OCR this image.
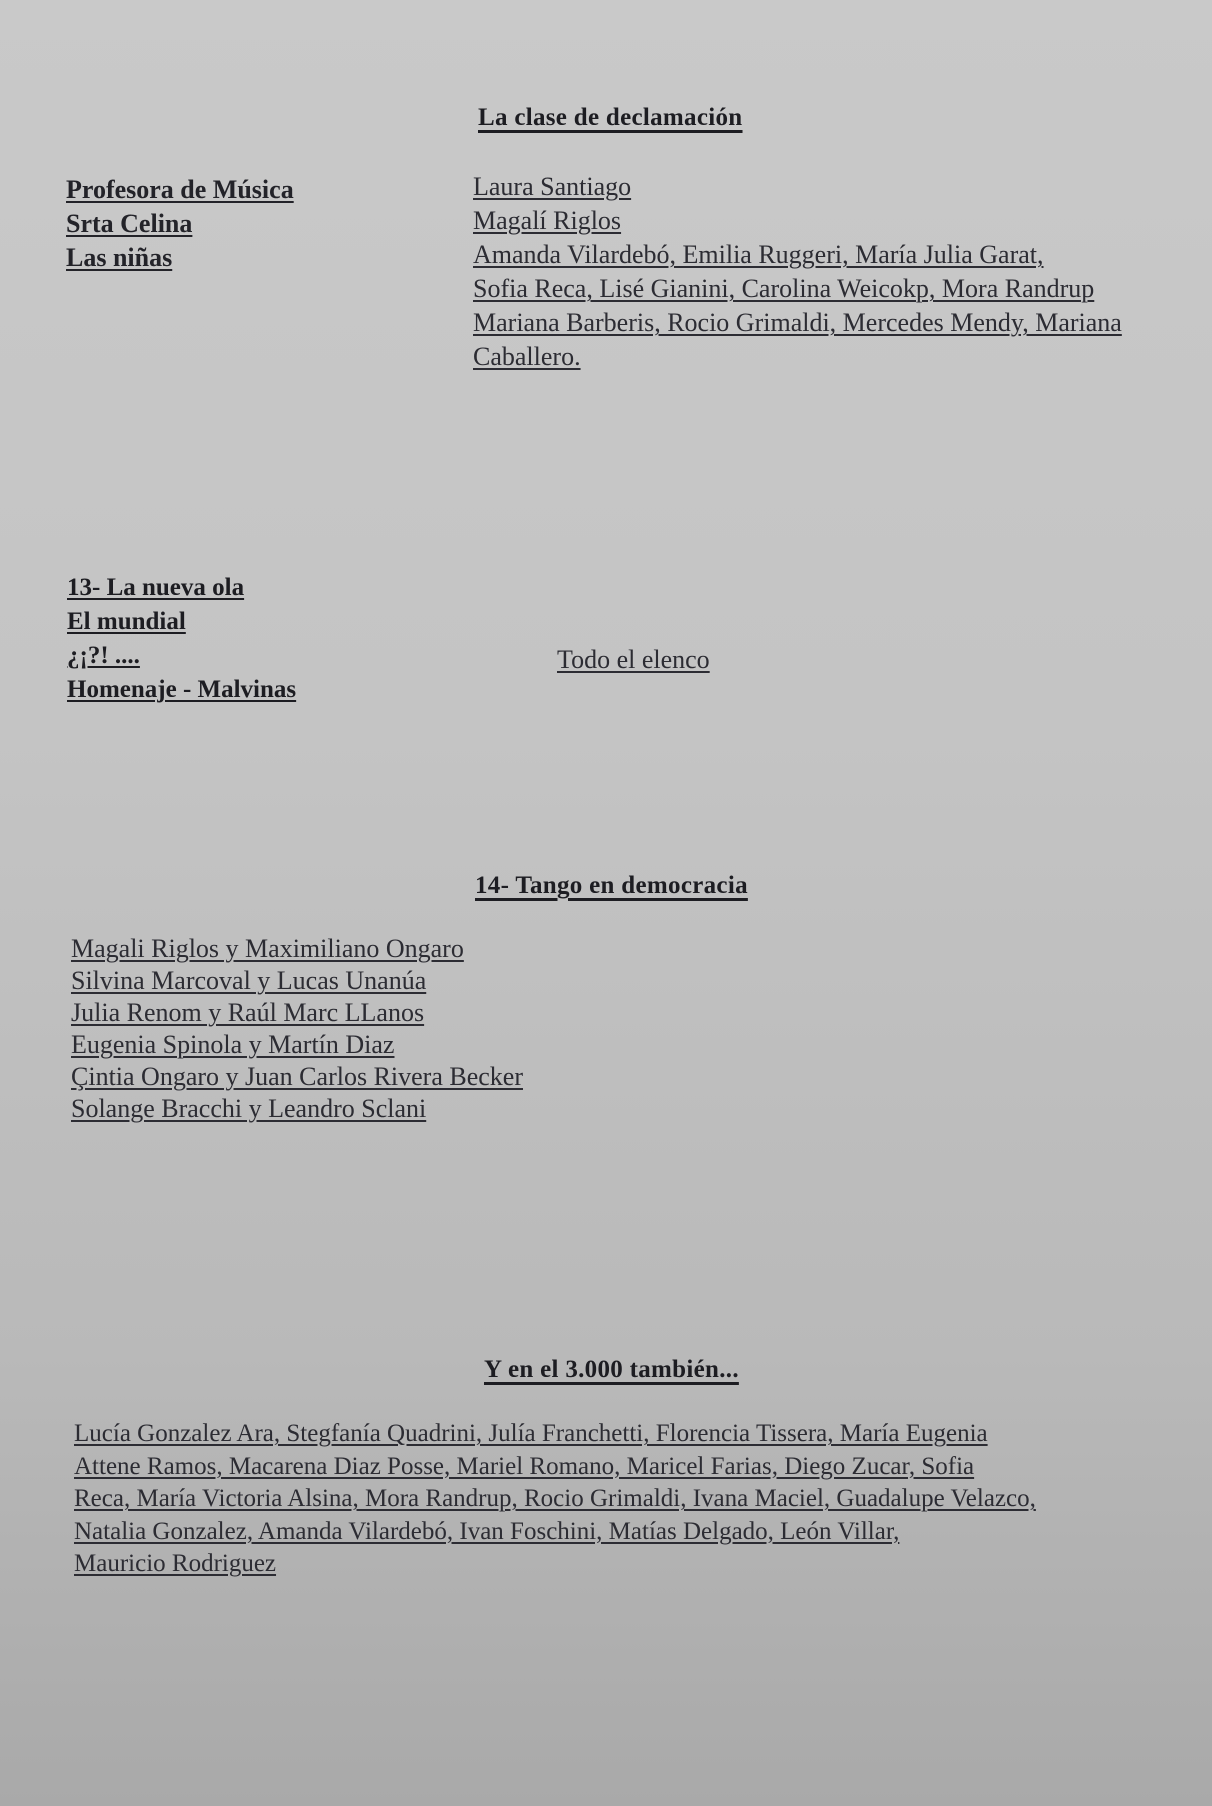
La clase de declamación
Profesora de Música
Srta Celina
Las niñas
Laura Santiago
Magalí Riglos
Amanda Vilardebó, Emilia Ruggeri, María Julia Garat,
Sofia Reca, Lisé Gianini, Carolina Weicokp, Mora Randrup
Mariana Barberis, Rocio Grimaldi, Mercedes Mendy, Mariana
Caballero.
13- La nueva ola
El mundial
¿¡?! ....
Homenaje - Malvinas
Todo el elenco
14- Tango en democracia
Magali Riglos y Maximiliano Ongaro
Silvina Marcoval y Lucas Unanúa
Julia Renom y Raúl Marc LLanos
Eugenia Spinola y Martín Diaz
Çintia Ongaro y Juan Carlos Rivera Becker
Solange Bracchi y Leandro Sclani
Y en el 3.000 también...
Lucía Gonzalez Ara, Stegfanía Quadrini, Julía Franchetti, Florencia Tissera, María Eugenia
Attene Ramos, Macarena Diaz Posse, Mariel Romano, Maricel Farias, Diego Zucar, Sofia
Reca, María Victoria Alsina, Mora Randrup, Rocio Grimaldi, Ivana Maciel, Guadalupe Velazco,
Natalia Gonzalez, Amanda Vilardebó, Ivan Foschini, Matías Delgado, León Villar,
Mauricio Rodriguez
